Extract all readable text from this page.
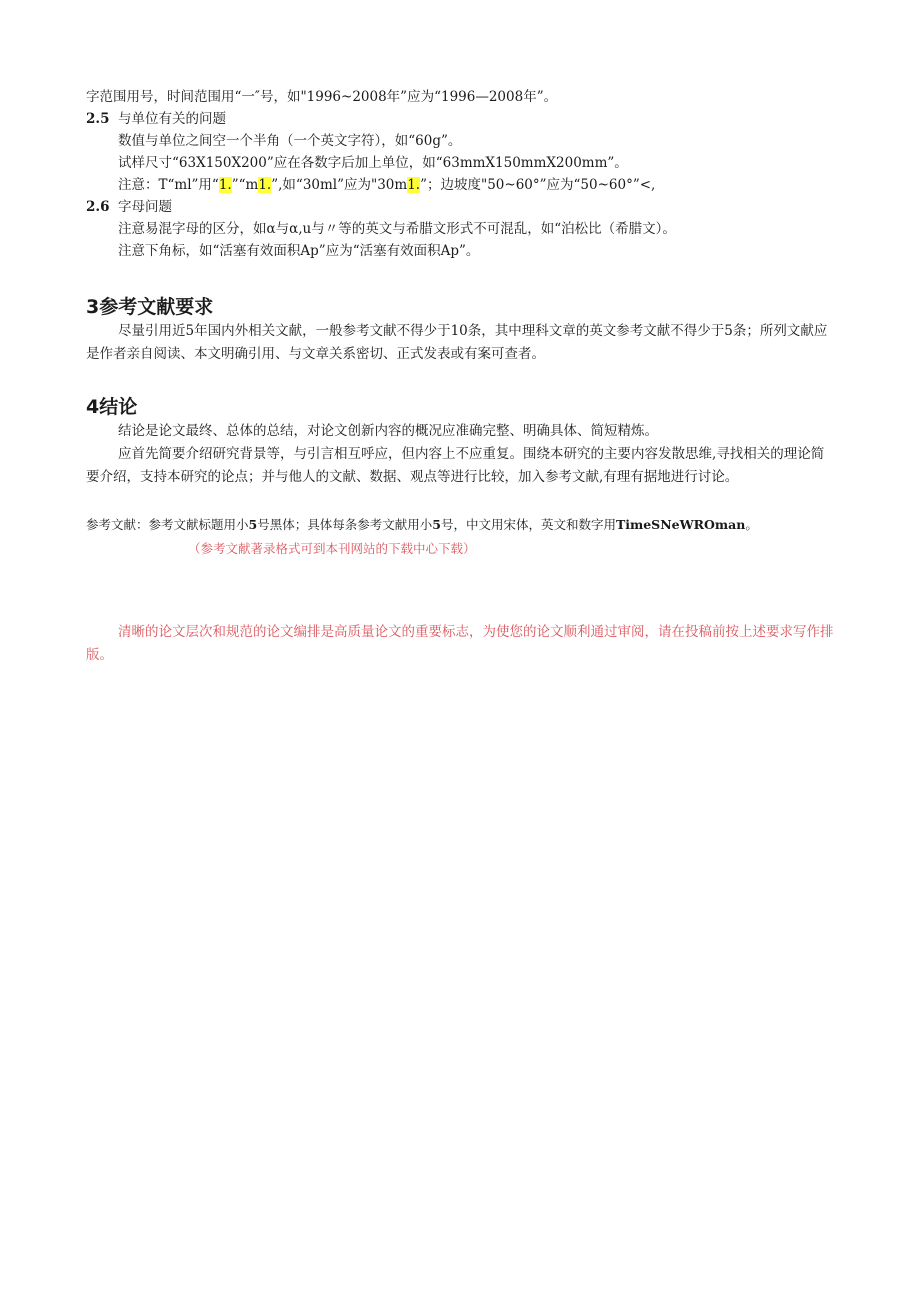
字范围用号，时间范围用“一″号，如"1996~2008年”应为“1996—2008年”。
2.5 与单位有关的问题
数值与单位之间空一个半角（一个英文字符），如“60g”。
试样尺寸“63X150X200”应在各数字后加上单位，如“63mmX150mmX200mm”。
注意：T“ml”用“1.”“m1.”,如“30ml”应为"30m1.”；边坡度"50~60°”应为“50~60°”<,
2.6 字母问题
注意易混字母的区分，如α与α,u与〃等的英文与希腊文形式不可混乱，如“泊松比（希腊文）。
注意下角标，如“活塞有效面积Ap”应为“活塞有效面积Ap”。
3参考文献要求
尽量引用近5年国内外相关文献，一般参考文献不得少于10条，其中理科文章的英文参考文献不得少于5条；所列文献应是作者亲自阅读、本文明确引用、与文章关系密切、正式发表或有案可查者。
4结论
结论是论文最终、总体的总结，对论文创新内容的概况应准确完整、明确具体、简短精炼。
应首先简要介绍研究背景等，与引言相互呼应，但内容上不应重复。围绕本研究的主要内容发散思维,寻找相关的理论简要介绍，支持本研究的论点；并与他人的文献、数据、观点等进行比较，加入参考文献,有理有据地进行讨论。
参考文献：参考文献标题用小5号黑体；具体每条参考文献用小5号，中文用宋体，英文和数字用TimeSNeWROman。
（参考文献著录格式可到本刊网站的下载中心下载）
清晰的论文层次和规范的论文编排是高质量论文的重要标志，为使您的论文顺利通过审阅，请在投稿前按上述要求写作排版。
